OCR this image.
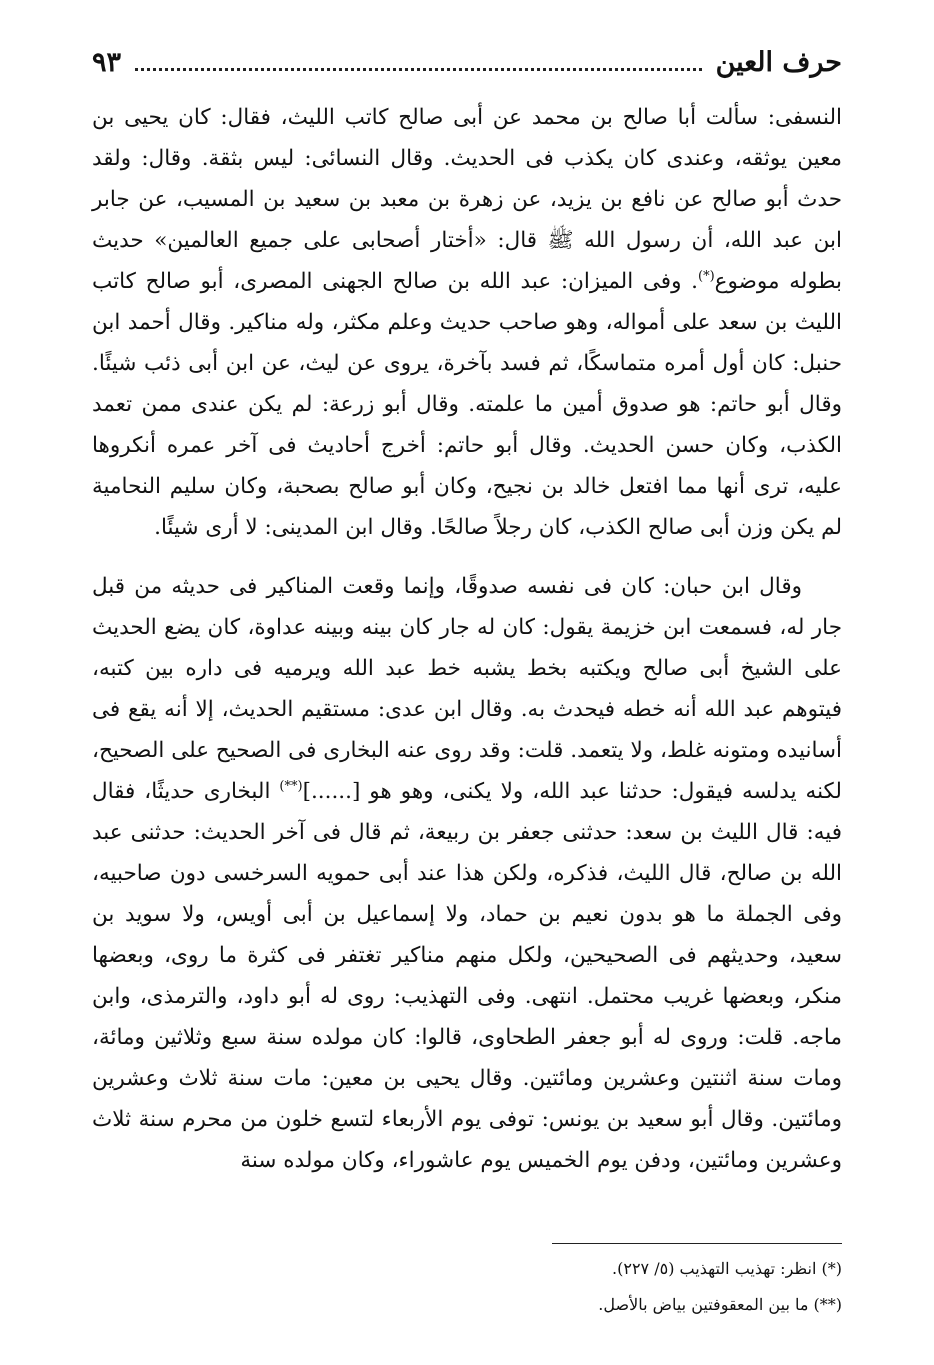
حرف العين
٩٣

النسفى: سألت أبا صالح بن محمد عن أبى صالح كاتب الليث، فقال: كان يحيى بن معين يوثقه، وعندى كان يكذب فى الحديث. وقال النسائى: ليس بثقة. وقال: ولقد حدث أبو صالح عن نافع بن يزيد، عن زهرة بن معبد بن سعيد بن المسيب، عن جابر ابن عبد الله، أن رسول الله ﷺ قال: «أختار أصحابى على جميع العالمين» حديث بطوله موضوع(*). وفى الميزان: عبد الله بن صالح الجهنى المصرى، أبو صالح كاتب الليث بن سعد على أمواله، وهو صاحب حديث وعلم مكثر، وله مناكير. وقال أحمد ابن حنبل: كان أول أمره متماسكًا، ثم فسد بآخرة، يروى عن ليث، عن ابن أبى ذئب شيئًا. وقال أبو حاتم: هو صدوق أمين ما علمته. وقال أبو زرعة: لم يكن عندى ممن تعمد الكذب، وكان حسن الحديث. وقال أبو حاتم: أخرج أحاديث فى آخر عمره أنكروها عليه، ترى أنها مما افتعل خالد بن نجيح، وكان أبو صالح بصحبة، وكان سليم النحامية لم يكن وزن أبى صالح الكذب، كان رجلاً صالحًا. وقال ابن المدينى: لا أرى شيئًا.

وقال ابن حبان: كان فى نفسه صدوقًا، وإنما وقعت المناكير فى حديثه من قبل جار له، فسمعت ابن خزيمة يقول: كان له جار كان بينه وبينه عداوة، كان يضع الحديث على الشيخ أبى صالح ويكتبه بخط يشبه خط عبد الله ويرميه فى داره بين كتبه، فيتوهم عبد الله أنه خطه فيحدث به. وقال ابن عدى: مستقيم الحديث، إلا أنه يقع فى أسانيده ومتونه غلط، ولا يتعمد. قلت: وقد روى عنه البخارى فى الصحيح على الصحيح، لكنه يدلسه فيقول: حدثنا عبد الله، ولا يكنى، وهو هو [......](**) البخارى حديثًا، فقال فيه: قال الليث بن سعد: حدثنى جعفر بن ربيعة، ثم قال فى آخر الحديث: حدثنى عبد الله بن صالح، قال الليث، فذكره، ولكن هذا عند أبى حمويه السرخسى دون صاحبيه، وفى الجملة ما هو بدون نعيم بن حماد، ولا إسماعيل بن أبى أويس، ولا سويد بن سعيد، وحديثهم فى الصحيحين، ولكل منهم مناكير تغتفر فى كثرة ما روى، وبعضها منكر، وبعضها غريب محتمل. انتهى. وفى التهذيب: روى له أبو داود، والترمذى، وابن ماجه. قلت: وروى له أبو جعفر الطحاوى، قالوا: كان مولده سنة سبع وثلاثين ومائة، ومات سنة اثنتين وعشرين ومائتين. وقال يحيى بن معين: مات سنة ثلاث وعشرين ومائتين. وقال أبو سعيد بن يونس: توفى يوم الأربعاء لتسع خلون من محرم سنة ثلاث وعشرين ومائتين، ودفن يوم الخميس يوم عاشوراء، وكان مولده سنة

(*) انظر: تهذيب التهذيب (٥/ ٢٢٧).

(**) ما بين المعقوفتين بياض بالأصل.
